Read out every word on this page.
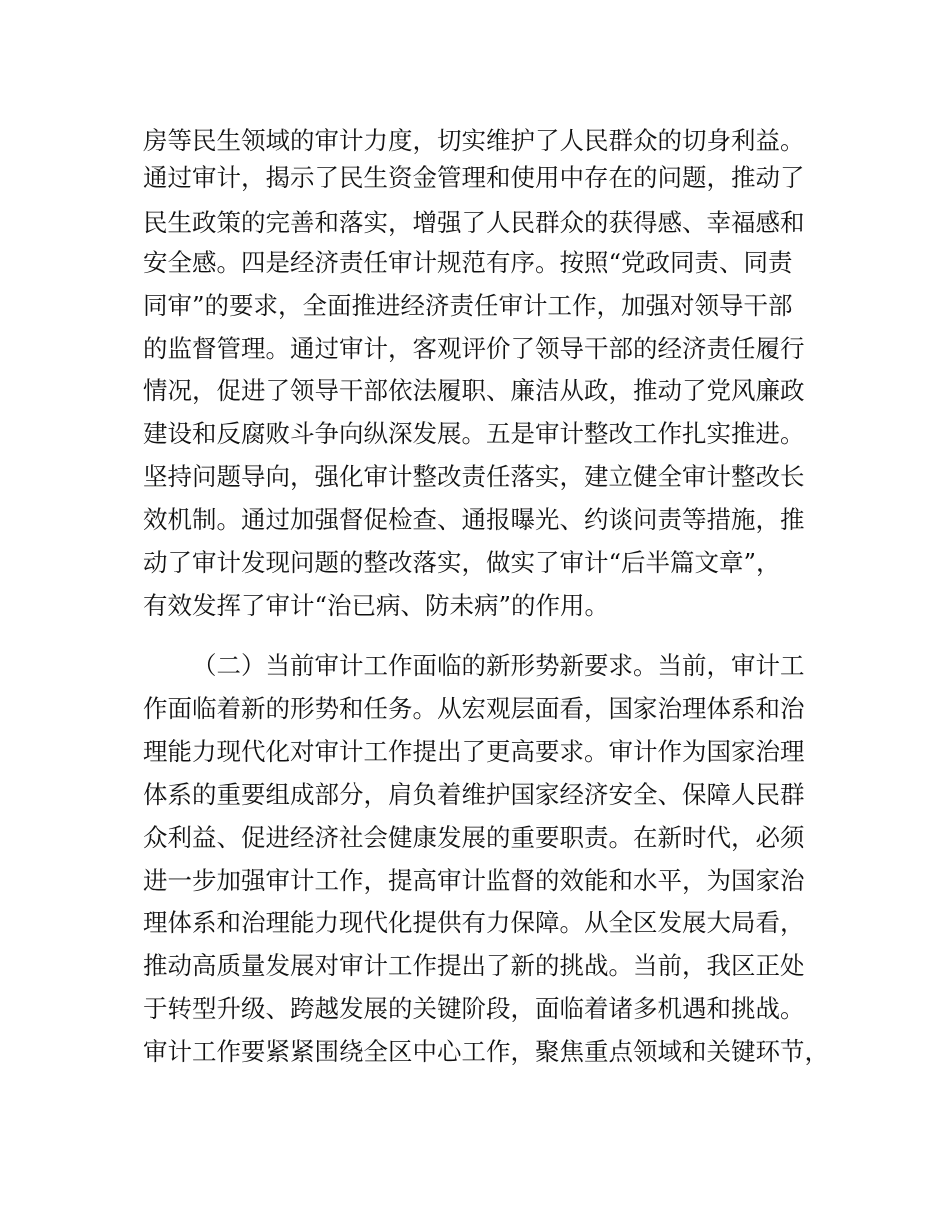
房等民生领域的审计力度，切实维护了人民群众的切身利益。
通过审计，揭示了民生资金管理和使用中存在的问题，推动了
民生政策的完善和落实，增强了人民群众的获得感、幸福感和
安全感。四是经济责任审计规范有序。按照“党政同责、同责
同审”的要求，全面推进经济责任审计工作，加强对领导干部
的监督管理。通过审计，客观评价了领导干部的经济责任履行
情况，促进了领导干部依法履职、廉洁从政，推动了党风廉政
建设和反腐败斗争向纵深发展。五是审计整改工作扎实推进。
坚持问题导向，强化审计整改责任落实，建立健全审计整改长
效机制。通过加强督促检查、通报曝光、约谈问责等措施，推
动了审计发现问题的整改落实，做实了审计“后半篇文章”，
有效发挥了审计“治已病、防未病”的作用。
（二）当前审计工作面临的新形势新要求。当前，审计工
作面临着新的形势和任务。从宏观层面看，国家治理体系和治
理能力现代化对审计工作提出了更高要求。审计作为国家治理
体系的重要组成部分，肩负着维护国家经济安全、保障人民群
众利益、促进经济社会健康发展的重要职责。在新时代，必须
进一步加强审计工作，提高审计监督的效能和水平，为国家治
理体系和治理能力现代化提供有力保障。从全区发展大局看，
推动高质量发展对审计工作提出了新的挑战。当前，我区正处
于转型升级、跨越发展的关键阶段，面临着诸多机遇和挑战。
审计工作要紧紧围绕全区中心工作，聚焦重点领域和关键环节，
